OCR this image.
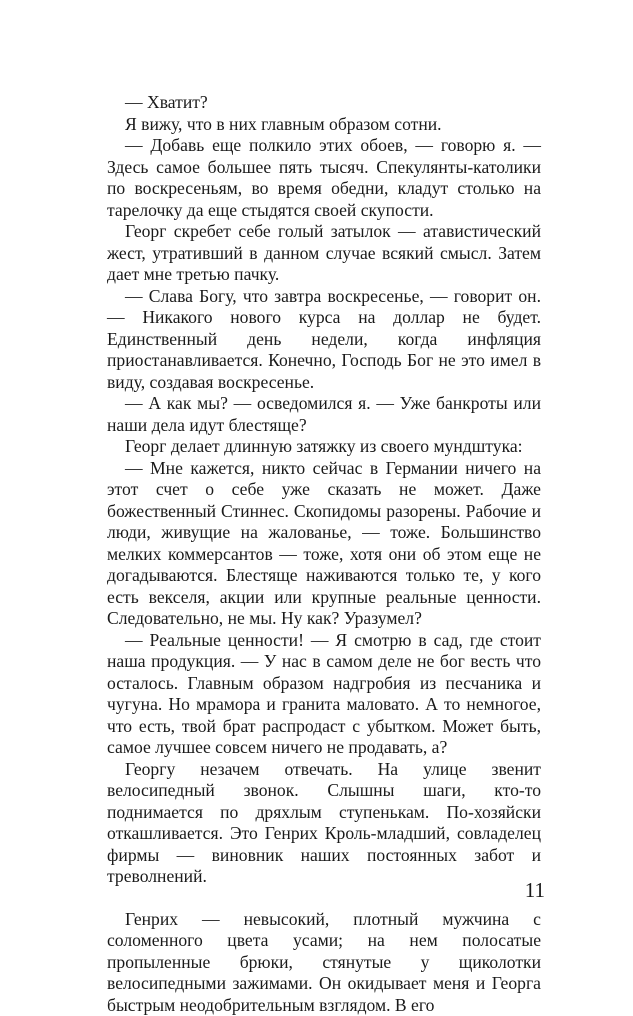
— Хватит?

Я вижу, что в них главным образом сотни.

— Добавь еще полкило этих обоев, — говорю я. — Здесь самое большее пять тысяч. Спекулянты-католики по воскресеньям, во время обедни, кладут столько на тарелочку да еще стыдятся своей скупости.

Георг скребет себе голый затылок — атавистический жест, утративший в данном случае всякий смысл. Затем дает мне третью пачку.

— Слава Богу, что завтра воскресенье, — говорит он. — Никакого нового курса на доллар не будет. Единственный день недели, когда инфляция приостанавливается. Конечно, Господь Бог не это имел в виду, создавая воскресенье.

— А как мы? — осведомился я. — Уже банкроты или наши дела идут блестяще?

Георг делает длинную затяжку из своего мундштука:

— Мне кажется, никто сейчас в Германии ничего на этот счет о себе уже сказать не может. Даже божественный Стиннес. Скопидомы разорены. Рабочие и люди, живущие на жалованье, — тоже. Большинство мелких коммерсантов — тоже, хотя они об этом еще не догадываются. Блестяще наживаются только те, у кого есть векселя, акции или крупные реальные ценности. Следовательно, не мы. Ну как? Уразумел?

— Реальные ценности! — Я смотрю в сад, где стоит наша продукция. — У нас в самом деле не бог весть что осталось. Главным образом надгробия из песчаника и чугуна. Но мрамора и гранита маловато. А то немногое, что есть, твой брат распродаст с убытком. Может быть, самое лучшее совсем ничего не продавать, а?

Георгу незачем отвечать. На улице звенит велосипедный звонок. Слышны шаги, кто-то поднимается по дряхлым ступенькам. По-хозяйски откашливается. Это Генрих Кроль-младший, совладелец фирмы — виновник наших постоянных забот и треволнений.

Генрих — невысокий, плотный мужчина с соломенного цвета усами; на нем полосатые пропыленные брюки, стянутые у щиколотки велосипедными зажимами. Он окидывает меня и Георга быстрым неодобрительным взглядом. В его

11
